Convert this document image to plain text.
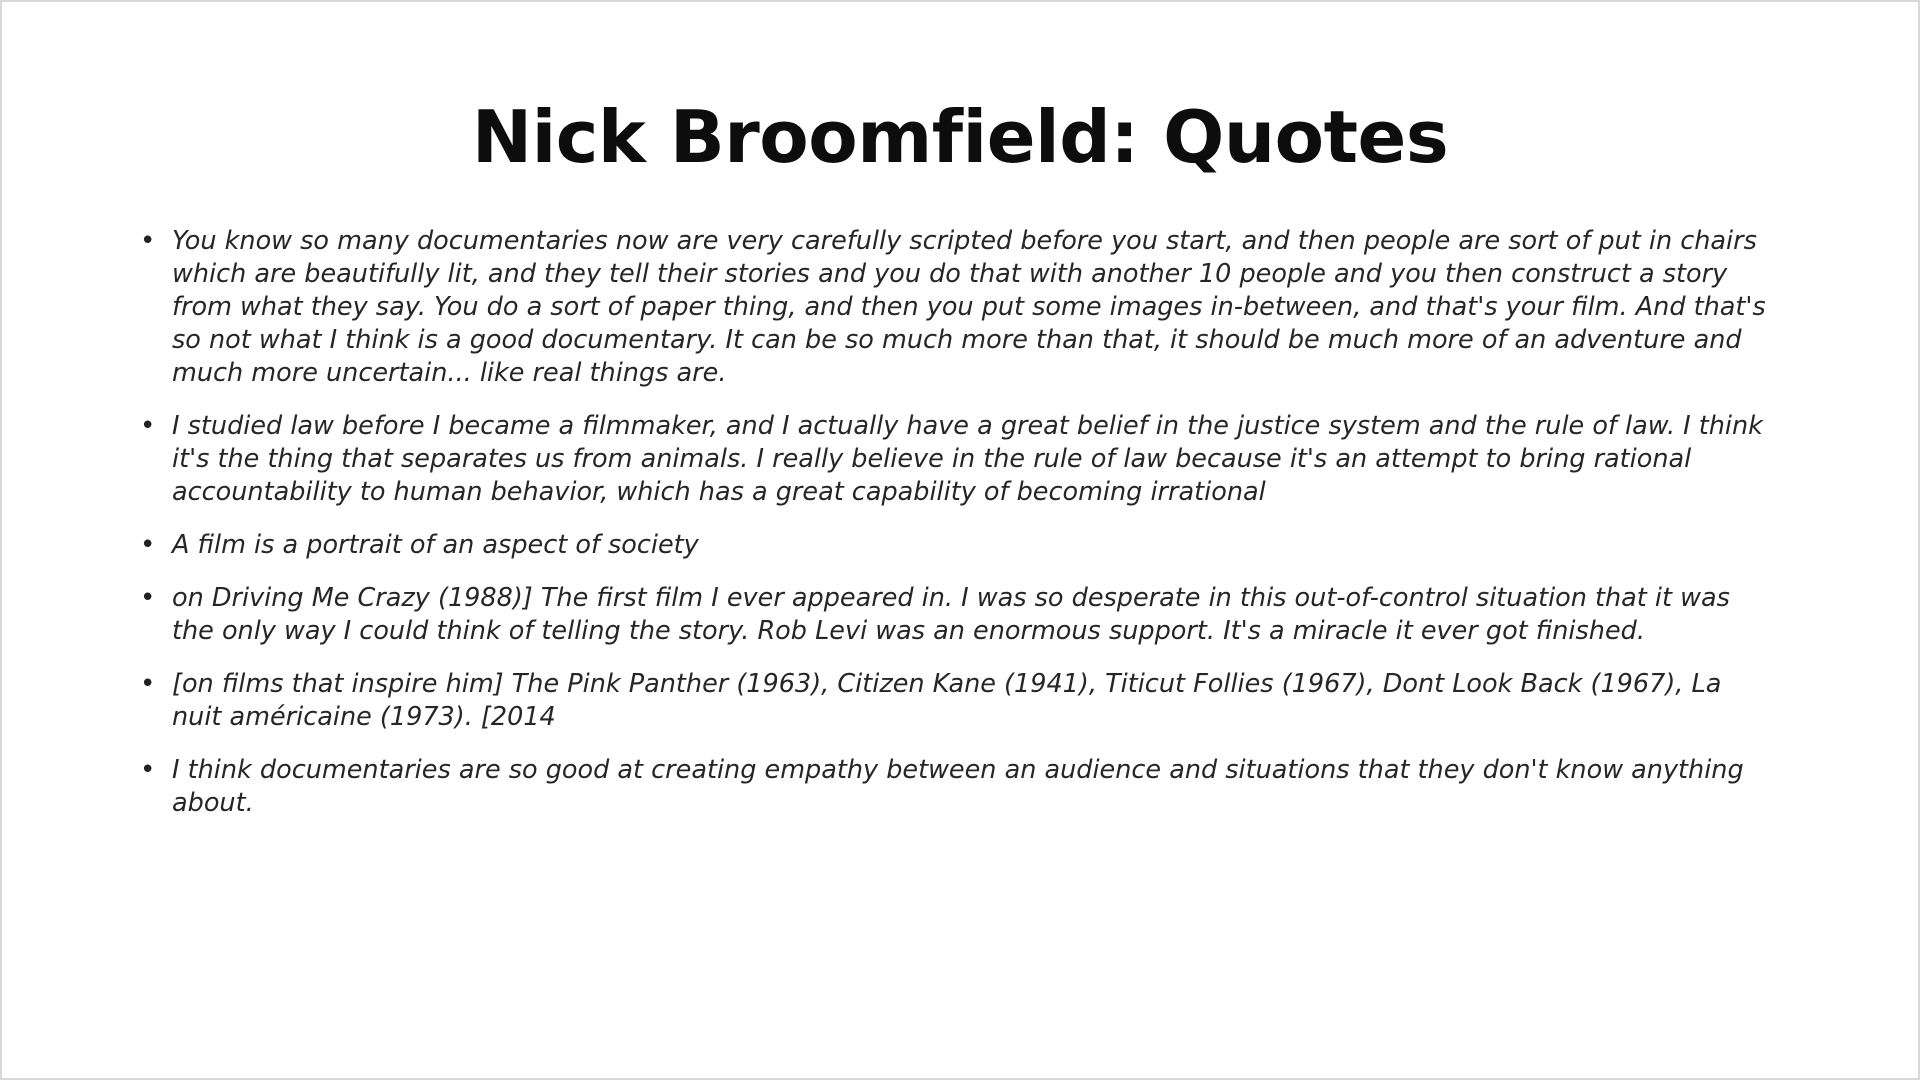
Nick Broomfield: Quotes
• You know so many documentaries now are very carefully scripted before you start, and then people are sort of put in chairs which are beautifully lit, and they tell their stories and you do that with another 10 people and you then construct a story from what they say. You do a sort of paper thing, and then you put some images in-between, and that's your film. And that's so not what I think is a good documentary. It can be so much more than that, it should be much more of an adventure and much more uncertain... like real things are.
• I studied law before I became a filmmaker, and I actually have a great belief in the justice system and the rule of law. I think it's the thing that separates us from animals. I really believe in the rule of law because it's an attempt to bring rational accountability to human behavior, which has a great capability of becoming irrational
• A film is a portrait of an aspect of society
• on Driving Me Crazy (1988)] The first film I ever appeared in. I was so desperate in this out-of-control situation that it was the only way I could think of telling the story. Rob Levi was an enormous support. It's a miracle it ever got finished.
• [on films that inspire him] The Pink Panther (1963), Citizen Kane (1941), Titicut Follies (1967), Dont Look Back (1967), La nuit américaine (1973). [2014
• I think documentaries are so good at creating empathy between an audience and situations that they don't know anything about.
